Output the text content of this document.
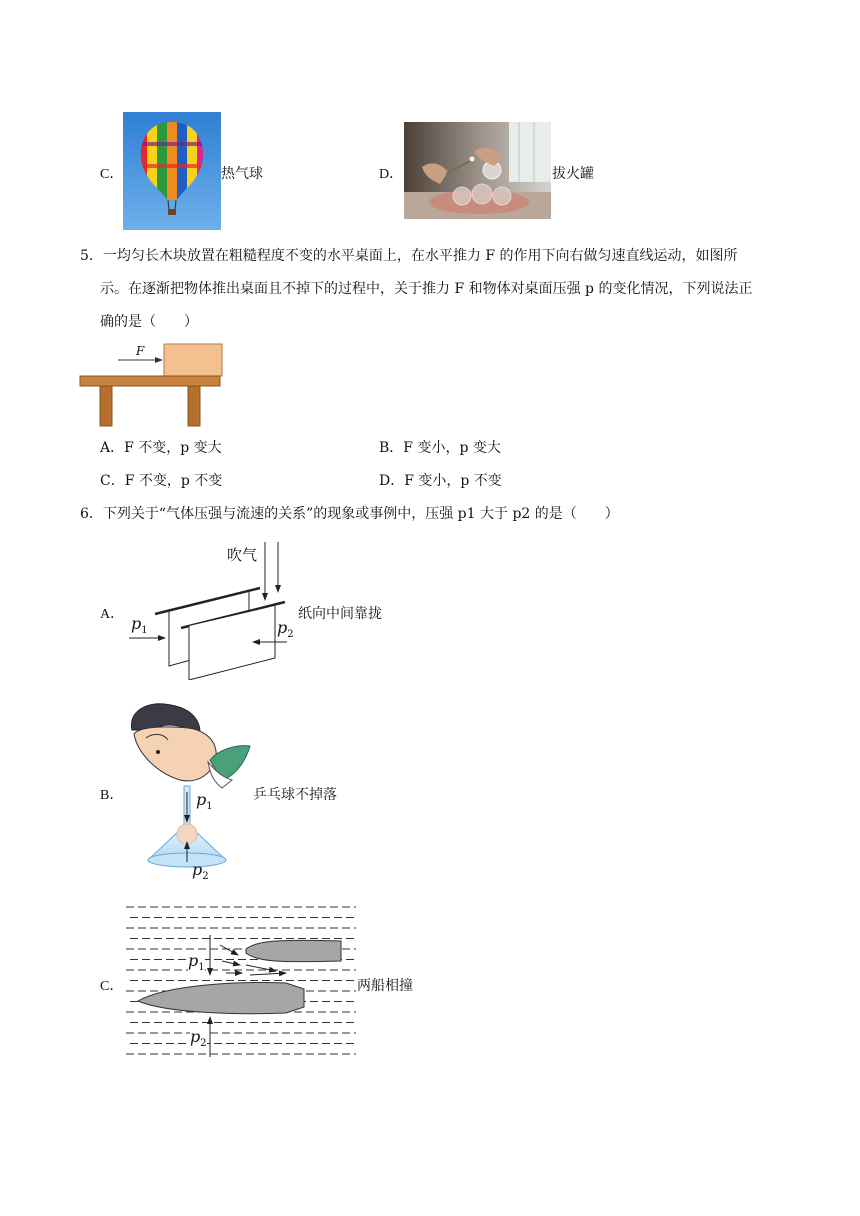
C．	热气球	D．	拔火罐
5．一均匀长木块放置在粗糙程度不变的水平桌面上，在水平推力 F 的作用下向右做匀速直线运动，如图所
示。在逐渐把物体推出桌面且不掉下的过程中，关于推力 F 和物体对桌面压强 p 的变化情况，下列说法正
确的是（　　）
F
A．F 不变，p 变大	B．F 变小，p 变大
C．F 不变，p 不变	D．F 变小，p 不变
6．下列关于“气体压强与流速的关系”的现象或事例中，压强 p1 大于 p2 的是（　　）
A．
吹气
$p_1$	$p_2$
纸向中间靠拢
B．	$p_1$
$p_2$
乒乓球不掉落
C．
$p_1$
$p_2$
两船相撞
